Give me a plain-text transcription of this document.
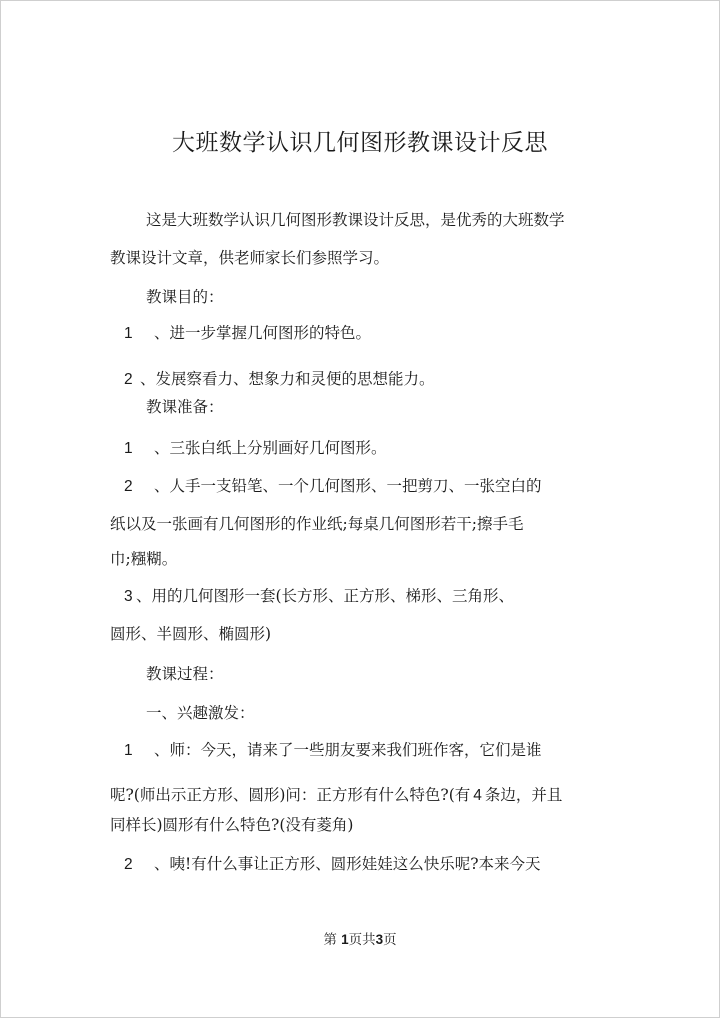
大班数学认识几何图形教课设计反思
这是大班数学认识几何图形教课设计反思，是优秀的大班数学
教课设计文章，供老师家长们参照学习。
教课目的：
1 、进一步掌握几何图形的特色。
2 、发展察看力、想象力和灵便的思想能力。
教课准备：
1 、三张白纸上分别画好几何图形。
2 、人手一支铅笔、一个几何图形、一把剪刀、一张空白的
纸以及一张画有几何图形的作业纸;每桌几何图形若干;擦手毛
巾;糨糊。
3 、用的几何图形一套(长方形、正方形、梯形、三角形、
圆形、半圆形、椭圆形)
教课过程：
一、兴趣激发：
1 、师：今天，请来了一些朋友要来我们班作客，它们是谁
呢?(师出示正方形、圆形)问：正方形有什么特色?(有 4 条边，并且
同样长)圆形有什么特色?(没有菱角)
2 、咦!有什么事让正方形、圆形娃娃这么快乐呢?本来今天
第 1页共3页
